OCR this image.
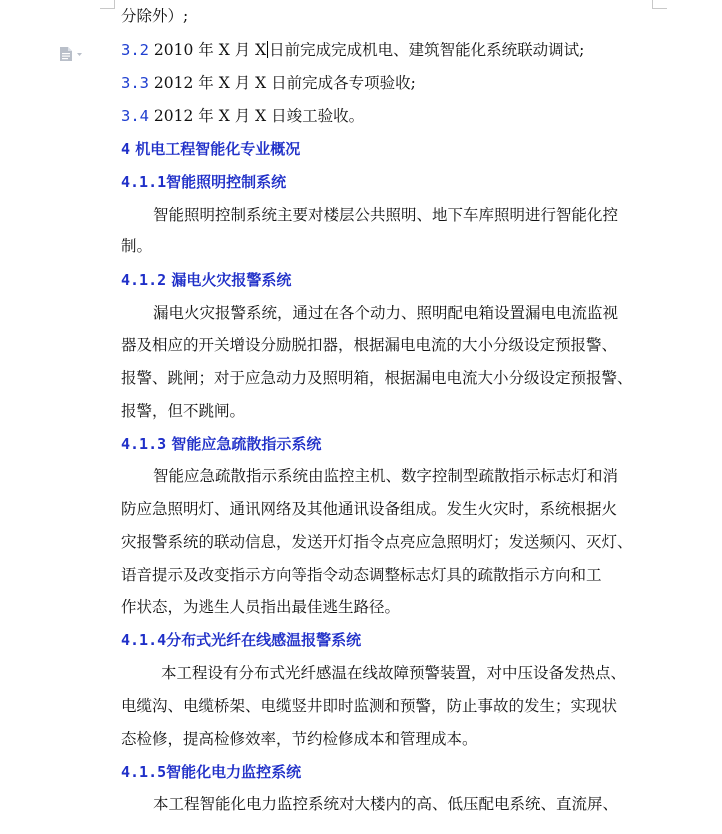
分除外）;
3.2 2010 年 X 月 X 日前完成完成机电、建筑智能化系统联动调试;
3.3 2012 年 X 月 X 日前完成各专项验收;
3.4 2012 年 X 月 X 日竣工验收。
4 机电工程智能化专业概况
4.1.1智能照明控制系统
智能照明控制系统主要对楼层公共照明、地下车库照明进行智能化控
制。
4.1.2 漏电火灾报警系统
漏电火灾报警系统，通过在各个动力、照明配电箱设置漏电电流监视
器及相应的开关增设分励脱扣器，根据漏电电流的大小分级设定预报警、
报警、跳闸；对于应急动力及照明箱，根据漏电电流大小分级设定预报警、
报警，但不跳闸。
4.1.3 智能应急疏散指示系统
智能应急疏散指示系统由监控主机、数字控制型疏散指示标志灯和消
防应急照明灯、通讯网络及其他通讯设备组成。发生火灾时，系统根据火
灾报警系统的联动信息，发送开灯指令点亮应急照明灯；发送频闪、灭灯、
语音提示及改变指示方向等指令动态调整标志灯具的疏散指示方向和工
作状态，为逃生人员指出最佳逃生路径。
4.1.4分布式光纤在线感温报警系统
本工程设有分布式光纤感温在线故障预警装置，对中压设备发热点、
电缆沟、电缆桥架、电缆竖井即时监测和预警，防止事故的发生；实现状
态检修，提高检修效率，节约检修成本和管理成本。
4.1.5智能化电力监控系统
本工程智能化电力监控系统对大楼内的高、低压配电系统、直流屏、
